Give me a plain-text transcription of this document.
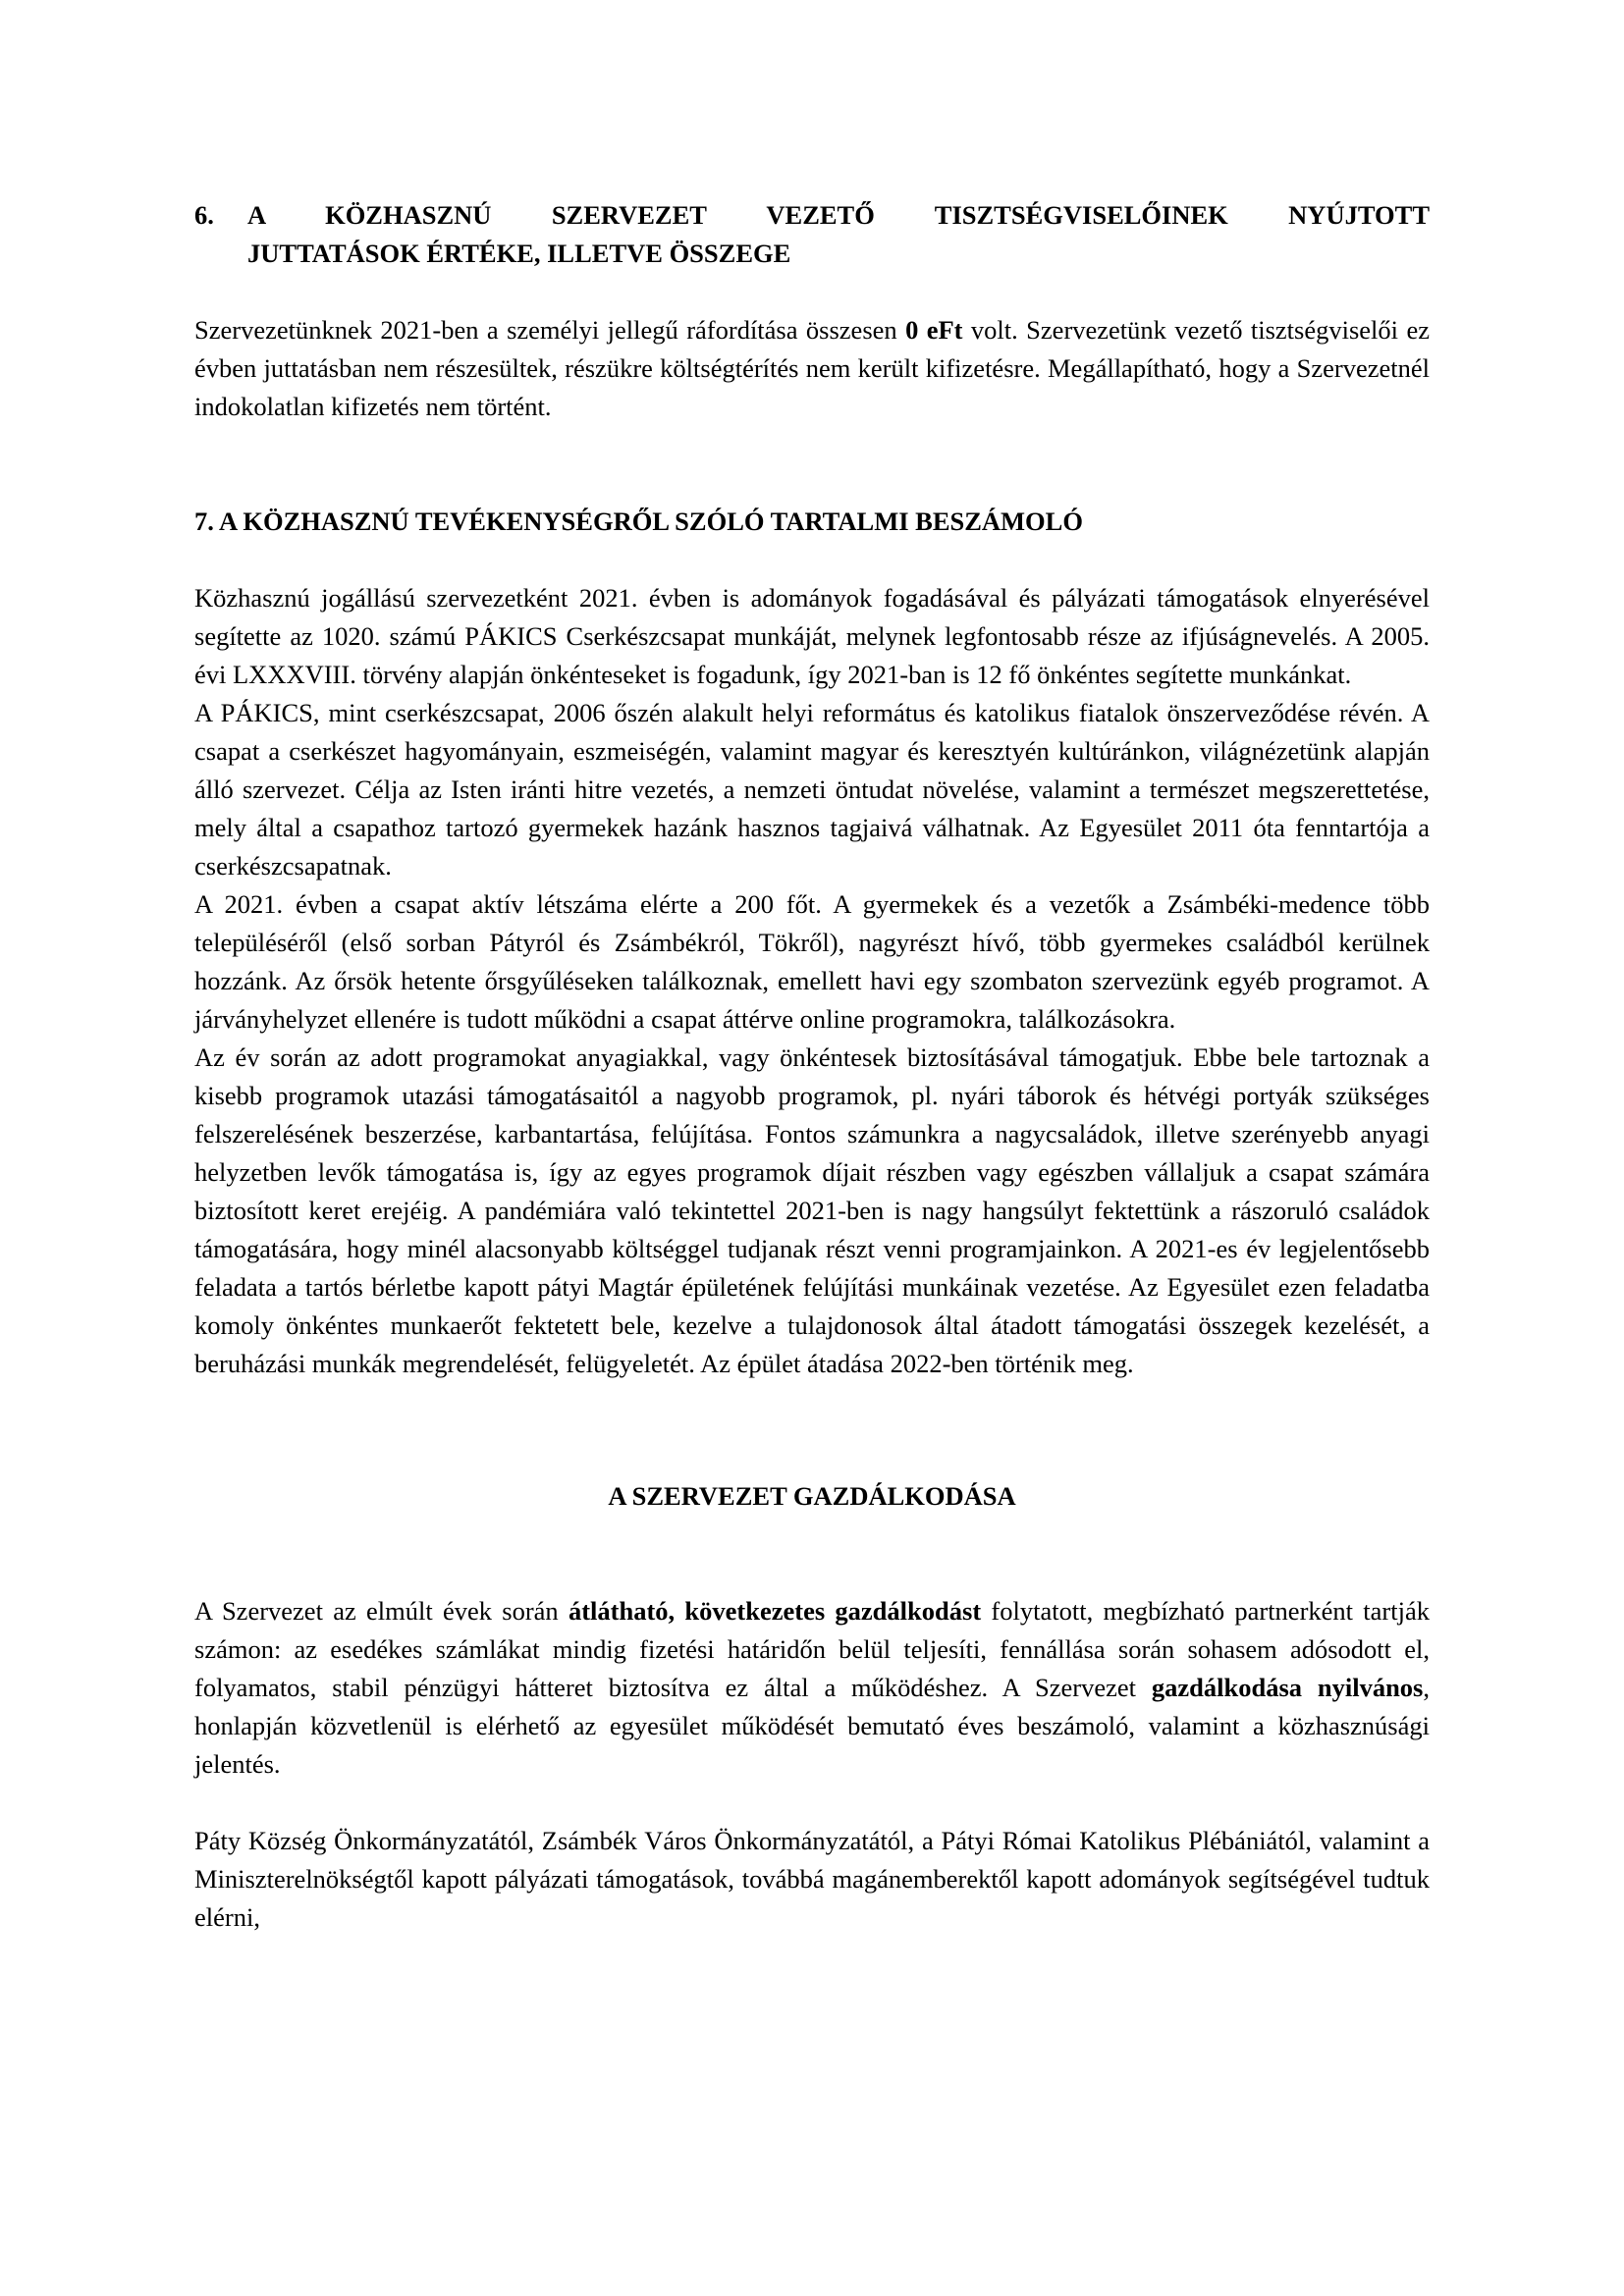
6. A KÖZHASZNÚ SZERVEZET VEZETŐ TISZTSÉGVISELŐINEK NYÚJTOTT
JUTTATÁSOK ÉRTÉKE, ILLETVE ÖSSZEGE

Szervezetünknek 2021-ben a személyi jellegű ráfordítása összesen 0 eFt volt. Szervezetünk vezető tisztségviselői ez évben juttatásban nem részesültek, részükre költségtérítés nem került kifizetésre. Megállapítható, hogy a Szervezetnél indokolatlan kifizetés nem történt.

7. A KÖZHASZNÚ TEVÉKENYSÉGRŐL SZÓLÓ TARTALMI BESZÁMOLÓ

Közhasznú jogállású szervezetként 2021. évben is adományok fogadásával és pályázati támogatások elnyerésével segítette az 1020. számú PÁKICS Cserkészcsapat munkáját, melynek legfontosabb része az ifjúságnevelés. A 2005. évi LXXXVIII. törvény alapján önkénteseket is fogadunk, így 2021-ban is 12 fő önkéntes segítette munkánkat.

A PÁKICS, mint cserkészcsapat, 2006 őszén alakult helyi református és katolikus fiatalok önszerveződése révén. A csapat a cserkészet hagyományain, eszmeiségén, valamint magyar és keresztyén kultúránkon, világnézetünk alapján álló szervezet. Célja az Isten iránti hitre vezetés, a nemzeti öntudat növelése, valamint a természet megszerettetése, mely által a csapathoz tartozó gyermekek hazánk hasznos tagjaivá válhatnak. Az Egyesület 2011 óta fenntartója a cserkészcsapatnak.

A 2021. évben a csapat aktív létszáma elérte a 200 főt. A gyermekek és a vezetők a Zsámbéki-medence több településéről (első sorban Pátyról és Zsámbékról, Tökről), nagyrészt hívő, több gyermekes családból kerülnek hozzánk. Az őrsök hetente őrsgyűléseken találkoznak, emellett havi egy szombaton szervezünk egyéb programot. A járványhelyzet ellenére is tudott működni a csapat áttérve online programokra, találkozásokra.

Az év során az adott programokat anyagiakkal, vagy önkéntesek biztosításával támogatjuk. Ebbe bele tartoznak a kisebb programok utazási támogatásaitól a nagyobb programok, pl. nyári táborok és hétvégi portyák szükséges felszerelésének beszerzése, karbantartása, felújítása. Fontos számunkra a nagycsaládok, illetve szerényebb anyagi helyzetben levők támogatása is, így az egyes programok díjait részben vagy egészben vállaljuk a csapat számára biztosított keret erejéig. A pandémiára való tekintettel 2021-ben is nagy hangsúlyt fektettünk a rászoruló családok támogatására, hogy minél alacsonyabb költséggel tudjanak részt venni programjainkon. A 2021-es év legjelentősebb feladata a tartós bérletbe kapott pátyi Magtár épületének felújítási munkáinak vezetése. Az Egyesület ezen feladatba komoly önkéntes munkaerőt fektetett bele, kezelve a tulajdonosok által átadott támogatási összegek kezelését, a beruházási munkák megrendelését, felügyeletét. Az épület átadása 2022-ben történik meg.

A SZERVEZET GAZDÁLKODÁSA

A Szervezet az elmúlt évek során átlátható, következetes gazdálkodást folytatott, megbízható partnerként tartják számon: az esedékes számlákat mindig fizetési határidőn belül teljesíti, fennállása során sohasem adósodott el, folyamatos, stabil pénzügyi hátteret biztosítva ez által a működéshez. A Szervezet gazdálkodása nyilvános, honlapján közvetlenül is elérhető az egyesület működését bemutató éves beszámoló, valamint a közhasznúsági jelentés.

Páty Község Önkormányzatától, Zsámbék Város Önkormányzatától, a Pátyi Római Katolikus Plébániától, valamint a Miniszterelnökségtől kapott pályázati támogatások, továbbá magánemberektől kapott adományok segítségével tudtuk elérni,
